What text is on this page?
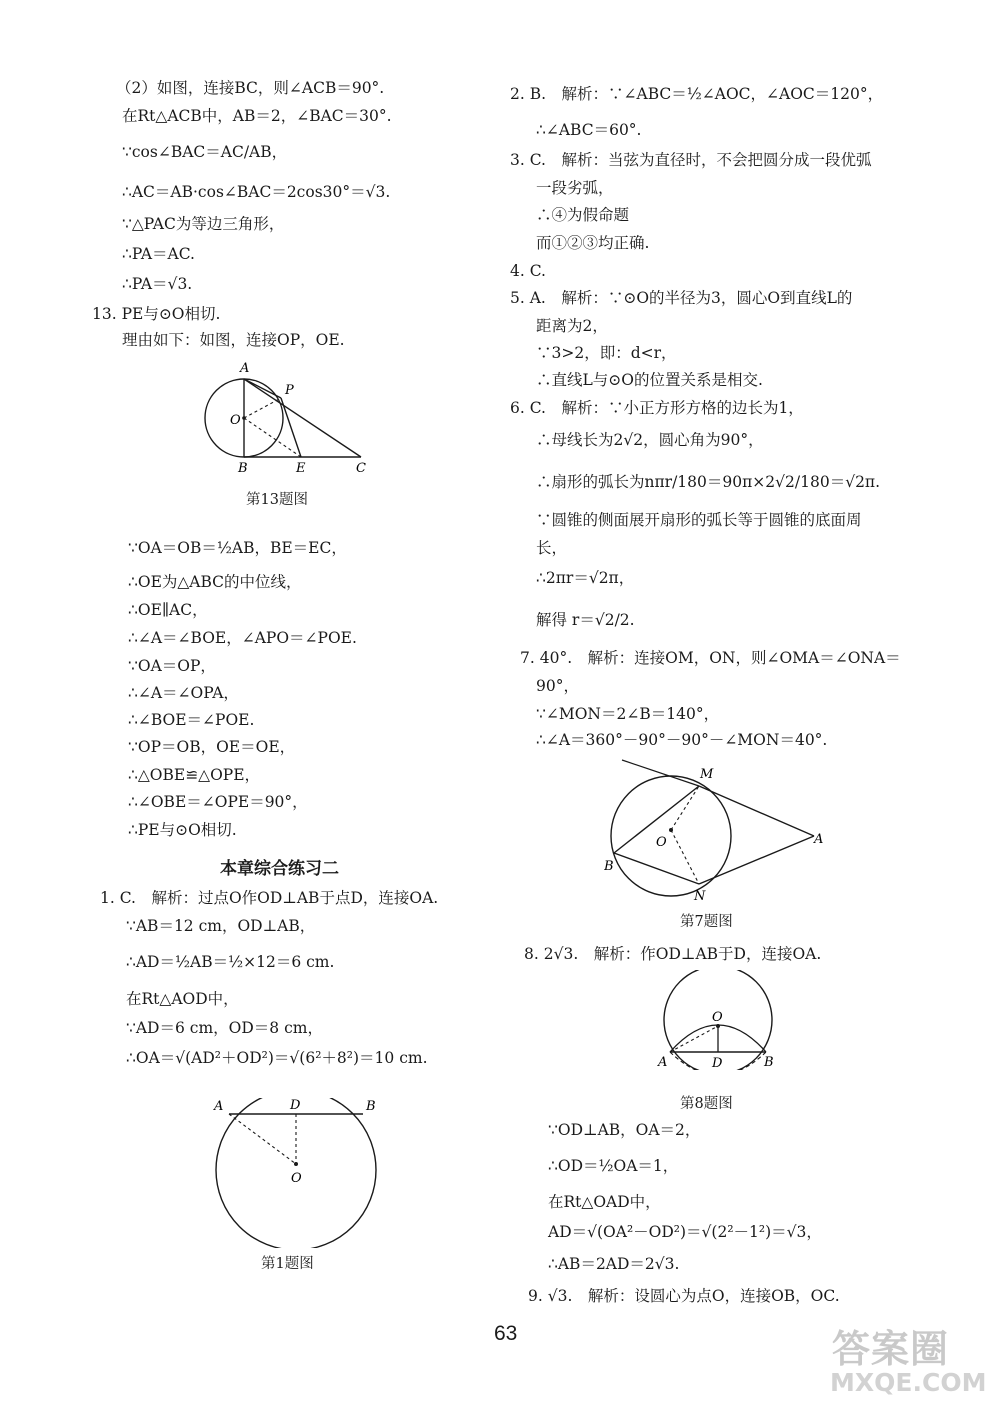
（2）如图，连接BC，则∠ACB＝90°.
在Rt△ACB中，AB＝2，∠BAC＝30°.
∵cos∠BAC＝AC/AB，
∴AC＝AB·cos∠BAC＝2cos30°＝√3.
∵△PAC为等边三角形，
∴PA＝AC.
∴PA＝√3.
13. PE与⊙O相切.
理由如下：如图，连接OP，OE.
A
P
O
B	E	C
第13题图
∵OA＝OB＝½AB，BE＝EC，
∴OE为△ABC的中位线，
∴OE∥AC，
∴∠A＝∠BOE，∠APO＝∠POE.
∵OA＝OP，
∴∠A＝∠OPA，
∴∠BOE＝∠POE.
∵OP＝OB，OE＝OE，
∴△OBE≌△OPE，
∴∠OBE＝∠OPE＝90°，
∴PE与⊙O相切.
本章综合练习二
1. C.　解析：过点O作OD⊥AB于点D，连接OA.
∵AB＝12 cm，OD⊥AB，
∴AD＝½AB＝½×12＝6 cm.
在Rt△AOD中，
∵AD＝6 cm，OD＝8 cm，
∴OA＝√(AD²＋OD²)＝√(6²＋8²)＝10 cm.
A	D	B
O
第1题图
2. B.　解析：∵∠ABC＝½∠AOC，∠AOC＝120°，
∴∠ABC＝60°.
3. C.　解析：当弦为直径时，不会把圆分成一段优弧
一段劣弧，
∴④为假命题
而①②③均正确.
4. C.
5. A.　解析：∵⊙O的半径为3，圆心O到直线L的
距离为2，
∵3>2，即：d<r，
∴直线L与⊙O的位置关系是相交.
6. C.　解析：∵小正方形方格的边长为1，
∴母线长为2√2，圆心角为90°，
∴扇形的弧长为nπr/180＝90π×2√2/180＝√2π.
∵圆锥的侧面展开扇形的弧长等于圆锥的底面周
长，
∴2πr＝√2π，
解得 r＝√2/2.
7. 40°.　解析：连接OM，ON，则∠OMA＝∠ONA＝
90°，
∵∠MON＝2∠B＝140°，
∴∠A＝360°－90°－90°－∠MON＝40°.
M
O	A
B
N
第7题图
8. 2√3.　解析：作OD⊥AB于D，连接OA.
O
A	D	B
第8题图
∵OD⊥AB，OA＝2，
∴OD＝½OA＝1，
在Rt△OAD中，
AD＝√(OA²－OD²)＝√(2²－1²)＝√3，
∴AB＝2AD＝2√3.
9. √3.　解析：设圆心为点O，连接OB，OC.
63	答案圈
MXQE.COM
